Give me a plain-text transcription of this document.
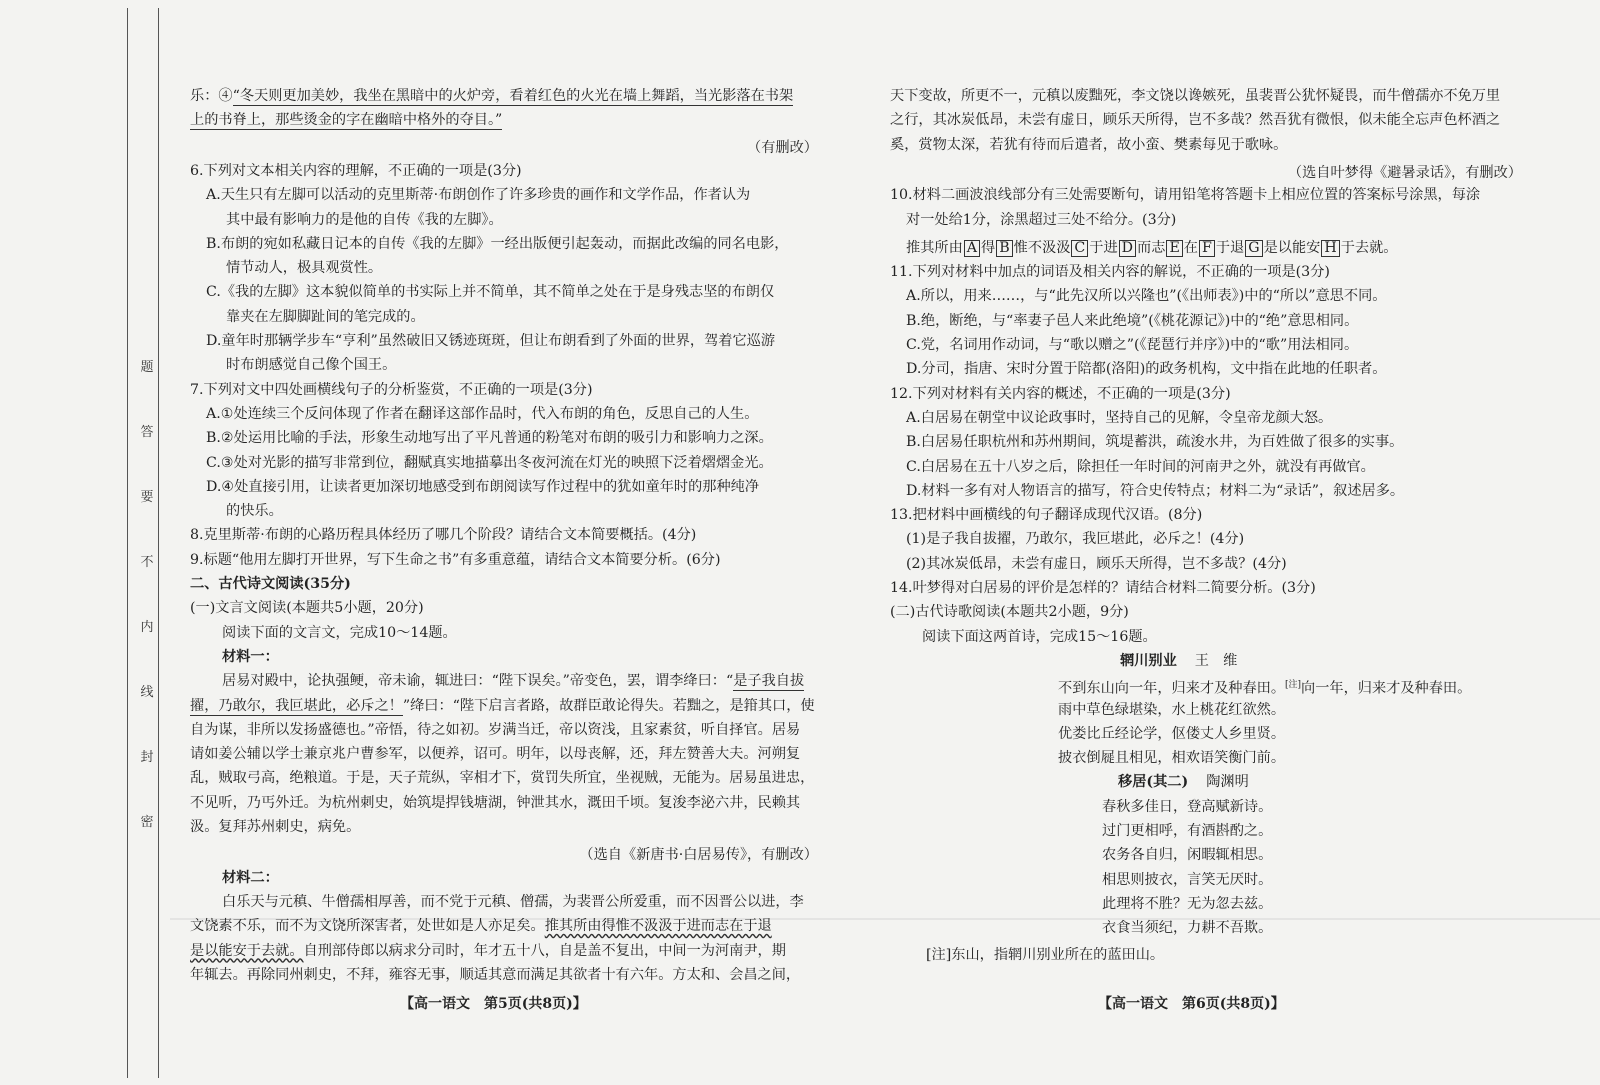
题
答
要
不
内
线
封
密
乐：④“冬天则更加美妙，我坐在黑暗中的火炉旁，看着红色的火光在墙上舞蹈，当光影落在书架
上的书脊上，那些烫金的字在幽暗中格外的夺目。”
（有删改）
6.下列对文本相关内容的理解，不正确的一项是(3分)
A.天生只有左脚可以活动的克里斯蒂·布朗创作了许多珍贵的画作和文学作品，作者认为
其中最有影响力的是他的自传《我的左脚》。
B.布朗的宛如私藏日记本的自传《我的左脚》一经出版便引起轰动，而据此改编的同名电影，
情节动人，极具观赏性。
C.《我的左脚》这本貌似简单的书实际上并不简单，其不简单之处在于是身残志坚的布朗仅
靠夹在左脚脚趾间的笔完成的。
D.童年时那辆学步车“亨利”虽然破旧又锈迹斑斑，但让布朗看到了外面的世界，驾着它巡游
时布朗感觉自己像个国王。
7.下列对文中四处画横线句子的分析鉴赏，不正确的一项是(3分)
A.①处连续三个反问体现了作者在翻译这部作品时，代入布朗的角色，反思自己的人生。
B.②处运用比喻的手法，形象生动地写出了平凡普通的粉笔对布朗的吸引力和影响力之深。
C.③处对光影的描写非常到位，翻赋真实地描摹出冬夜河流在灯光的映照下泛着熠熠金光。
D.④处直接引用，让读者更加深切地感受到布朗阅读写作过程中的犹如童年时的那种纯净
的快乐。
8.克里斯蒂·布朗的心路历程具体经历了哪几个阶段？请结合文本简要概括。(4分)
9.标题“他用左脚打开世界，写下生命之书”有多重意蕴，请结合文本简要分析。(6分)
二、古代诗文阅读(35分)
(一)文言文阅读(本题共5小题，20分)
阅读下面的文言文，完成10～14题。
材料一：
居易对殿中，论执强鲠，帝未谕，辄进曰：“陛下误矣。”帝变色，罢，谓李绛曰：“是子我自拔
擢，乃敢尔，我叵堪此，必斥之！”绛曰：“陛下启言者路，故群臣敢论得失。若黜之，是箝其口，使
自为谋，非所以发扬盛德也。”帝悟，待之如初。岁满当迁，帝以资浅，且家素贫，听自择官。居易
请如姜公辅以学士兼京兆户曹参军，以便养，诏可。明年，以母丧解，还，拜左赞善大夫。河朔复
乱，贼取弓高，绝粮道。于是，天子荒纵，宰相才下，赏罚失所宜，坐视贼，无能为。居易虽进忠，
不见听，乃丐外迁。为杭州刺史，始筑堤捍钱塘湖，钟泄其水，溉田千顷。复浚李泌六井，民赖其
汲。复拜苏州刺史，病免。
（选自《新唐书·白居易传》，有删改）
材料二：
白乐天与元稹、牛僧孺相厚善，而不党于元稹、僧孺，为裴晋公所爱重，而不因晋公以进，李
文饶素不乐，而不为文饶所深害者，处世如是人亦足矣。推其所由得惟不汲汲于进而志在于退
是以能安于去就。自刑部侍郎以病求分司时，年才五十八，自是盖不复出，中间一为河南尹，期
年辄去。再除同州刺史，不拜，雍容无事，顺适其意而满足其欲者十有六年。方太和、会昌之间，
天下变故，所更不一，元稹以废黜死，李文饶以谗嫉死，虽裴晋公犹怀疑畏，而牛僧孺亦不免万里
之行，其冰炭低昂，未尝有虚日，顾乐天所得，岂不多哉？然吾犹有微恨，似未能全忘声色杯酒之
奚，赏物太深，若犹有待而后遣者，故小蛮、樊素每见于歌咏。
（选自叶梦得《避暑录话》，有删改）
10.材料二画波浪线部分有三处需要断句，请用铅笔将答题卡上相应位置的答案标号涂黑，每涂
对一处给1分，涂黑超过三处不给分。(3分)
推其所由 A 得 B 惟不汲汲 C 于进 D 而志 E 在 F 于退 G 是以能安 H 于去就。
11.下列对材料中加点的词语及相关内容的解说，不正确的一项是(3分)
A.所以，用来……，与“此先汉所以兴隆也”(《出师表》)中的“所以”意思不同。
B.绝，断绝，与“率妻子邑人来此绝境”(《桃花源记》)中的“绝”意思相同。
C.党，名词用作动词，与“歌以赠之”(《琵琶行并序》)中的“歌”用法相同。
D.分司，指唐、宋时分置于陪都(洛阳)的政务机构，文中指在此地的任职者。
12.下列对材料有关内容的概述，不正确的一项是(3分)
A.白居易在朝堂中议论政事时，坚持自己的见解，令皇帝龙颜大怒。
B.白居易任职杭州和苏州期间，筑堤蓄洪，疏浚水井，为百姓做了很多的实事。
C.白居易在五十八岁之后，除担任一年时间的河南尹之外，就没有再做官。
D.材料一多有对人物语言的描写，符合史传特点；材料二为“录话”，叙述居多。
13.把材料中画横线的句子翻译成现代汉语。(8分)
(1)是子我自拔擢，乃敢尔，我叵堪此，必斥之！(4分)
(2)其冰炭低昂，未尝有虚日，顾乐天所得，岂不多哉？(4分)
14.叶梦得对白居易的评价是怎样的？请结合材料二简要分析。(3分)
(二)古代诗歌阅读(本题共2小题，9分)
阅读下面这两首诗，完成15～16题。
辋川别业 王　维
不到东山向一年，归来才及种春田。[注]向一年，归来才及种春田。
雨中草色绿堪染，水上桃花红欲然。
优娄比丘经论学，伛偻丈人乡里贤。
披衣倒屣且相见，相欢语笑衡门前。
移居(其二) 陶渊明
春秋多佳日，登高赋新诗。
过门更相呼，有酒斟酌之。
农务各自归，闲暇辄相思。
相思则披衣，言笑无厌时。
此理将不胜？无为忽去兹。
衣食当须纪，力耕不吾欺。
[注]东山，指辋川别业所在的蓝田山。
【高一语文　第5页(共8页)】	【高一语文　第6页(共8页)】
